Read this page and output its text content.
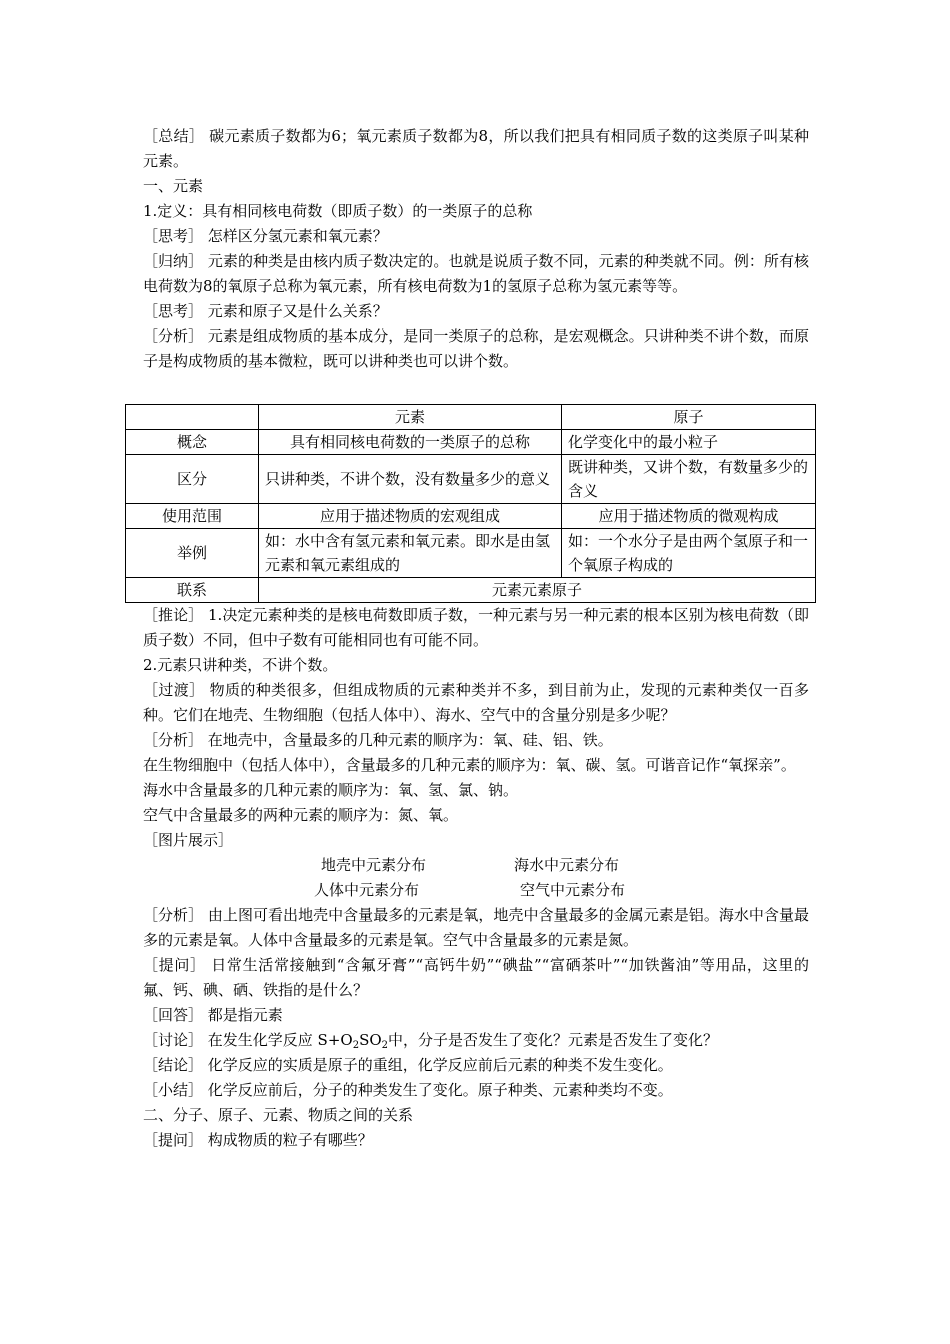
［总结］ 碳元素质子数都为6；氧元素质子数都为8，所以我们把具有相同质子数的这类原子叫某种元素。

一、元素

1.定义：具有相同核电荷数（即质子数）的一类原子的总称

［思考］ 怎样区分氢元素和氧元素？

［归纳］ 元素的种类是由核内质子数决定的。也就是说质子数不同，元素的种类就不同。例：所有核电荷数为8的氧原子总称为氧元素，所有核电荷数为1的氢原子总称为氢元素等等。

［思考］ 元素和原子又是什么关系？

［分析］ 元素是组成物质的基本成分，是同一类原子的总称，是宏观概念。只讲种类不讲个数，而原子是构成物质的基本微粒，既可以讲种类也可以讲个数。

	元素	原子
概念	具有相同核电荷数的一类原子的总称	化学变化中的最小粒子
区分	只讲种类，不讲个数，没有数量多少的意义	既讲种类，又讲个数，有数量多少的含义
使用范围	应用于描述物质的宏观组成	应用于描述物质的微观构成
举例	如：水中含有氢元素和氧元素。即水是由氢元素和氧元素组成的	如：一个水分子是由两个氢原子和一个氧原子构成的
联系	元素元素原子	

［推论］ 1.决定元素种类的是核电荷数即质子数，一种元素与另一种元素的根本区别为核电荷数（即质子数）不同，但中子数有可能相同也有可能不同。

2.元素只讲种类，不讲个数。

［过渡］ 物质的种类很多，但组成物质的元素种类并不多，到目前为止，发现的元素种类仅一百多种。它们在地壳、生物细胞（包括人体中）、海水、空气中的含量分别是多少呢？

［分析］ 在地壳中，含量最多的几种元素的顺序为：氧、硅、铝、铁。

在生物细胞中（包括人体中），含量最多的几种元素的顺序为：氧、碳、氢。可谐音记作“氧探亲”。

海水中含量最多的几种元素的顺序为：氧、氢、氯、钠。

空气中含量最多的两种元素的顺序为：氮、氧。

［图片展示］

地壳中元素分布	海水中元素分布
人体中元素分布	空气中元素分布

［分析］ 由上图可看出地壳中含量最多的元素是氧，地壳中含量最多的金属元素是铝。海水中含量最多的元素是氧。人体中含量最多的元素是氧。空气中含量最多的元素是氮。

［提问］ 日常生活常接触到“含氟牙膏”“高钙牛奶”“碘盐”“富硒茶叶”“加铁酱油”等用品，这里的氟、钙、碘、硒、铁指的是什么？

［回答］ 都是指元素

［讨论］ 在发生化学反应 $S+O_2SO_2$中，分子是否发生了变化？元素是否发生了变化？

［结论］ 化学反应的实质是原子的重组，化学反应前后元素的种类不发生变化。

［小结］ 化学反应前后，分子的种类发生了变化。原子种类、元素种类均不变。

二、分子、原子、元素、物质之间的关系

［提问］ 构成物质的粒子有哪些？
